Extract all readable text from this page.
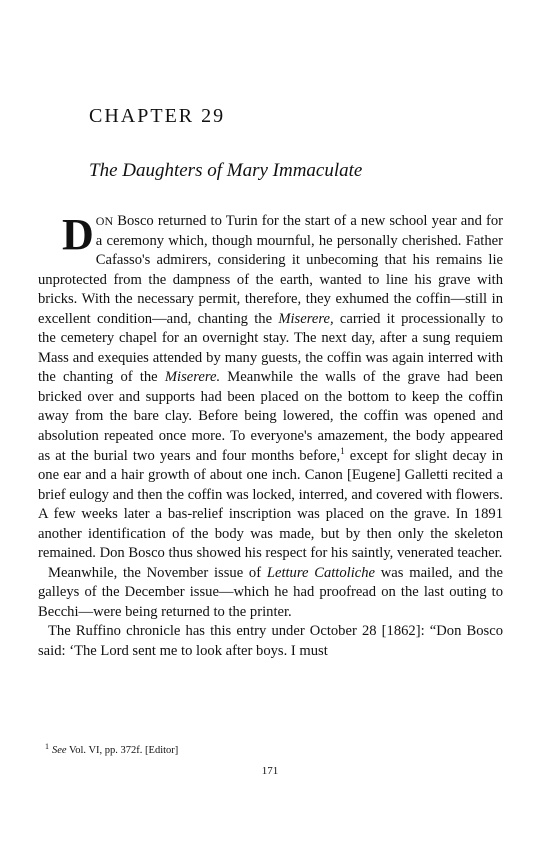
CHAPTER 29
The Daughters of Mary Immaculate

DON Bosco returned to Turin for the start of a new school year and for a ceremony which, though mournful, he personally cherished. Father Cafasso's admirers, considering it unbecoming that his remains lie unprotected from the dampness of the earth, wanted to line his grave with bricks. With the necessary permit, therefore, they exhumed the coffin—still in excellent condition—and, chanting the Miserere, carried it processionally to the cemetery chapel for an overnight stay. The next day, after a sung requiem Mass and exequies attended by many guests, the coffin was again interred with the chanting of the Miserere. Meanwhile the walls of the grave had been bricked over and supports had been placed on the bottom to keep the coffin away from the bare clay. Before being lowered, the coffin was opened and absolution repeated once more. To everyone's amazement, the body appeared as at the burial two years and four months before,$^1$ except for slight decay in one ear and a hair growth of about one inch. Canon [Eugene] Galletti recited a brief eulogy and then the coffin was locked, interred, and covered with flowers. A few weeks later a bas-relief inscription was placed on the grave. In 1891 another identification of the body was made, but by then only the skeleton remained. Don Bosco thus showed his respect for his saintly, venerated teacher.

Meanwhile, the November issue of Letture Cattoliche was mailed, and the galleys of the December issue—which he had proofread on the last outing to Becchi—were being returned to the printer.

The Ruffino chronicle has this entry under October 28 [1862]: “Don Bosco said: ‘The Lord sent me to look after boys. I must

$^1$ See Vol. VI, pp. 372f. [Editor]
171
